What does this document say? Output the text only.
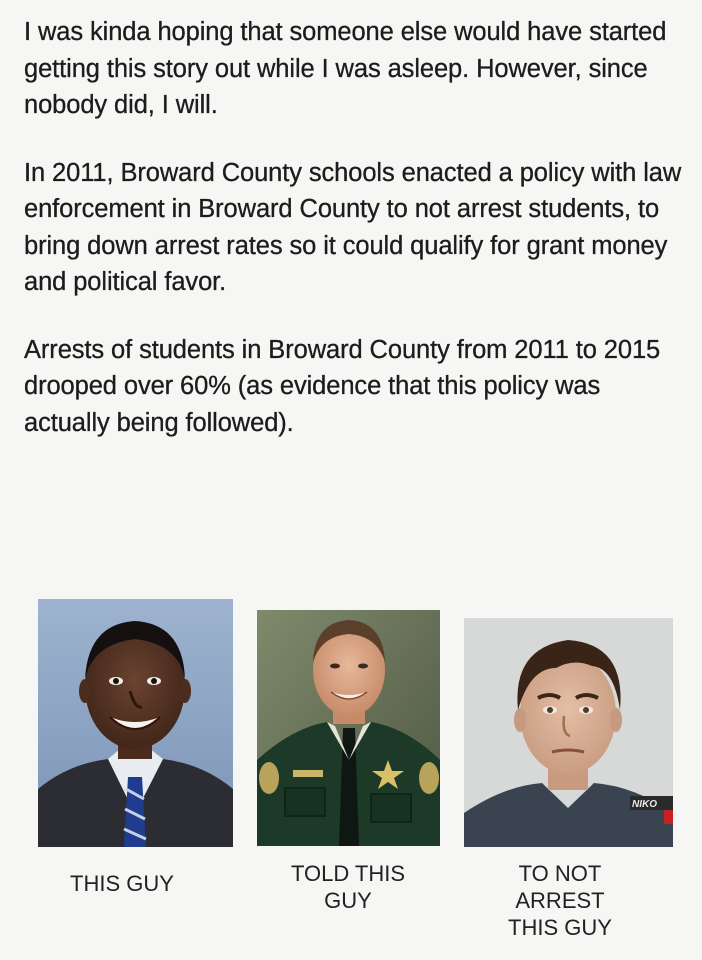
I was kinda hoping that someone else would have started getting this story out while I was asleep. However, since nobody did, I will.

In 2011, Broward County schools enacted a policy with law enforcement in Broward County to not arrest students, to bring down arrest rates so it could qualify for grant money and political favor.

Arrests of students in Broward County from 2011 to 2015 drooped over 60% (as evidence that this policy was actually being followed).

NIKO
THIS GUY	TOLD THIS
GUY
TO NOT
ARREST
THIS GUY
